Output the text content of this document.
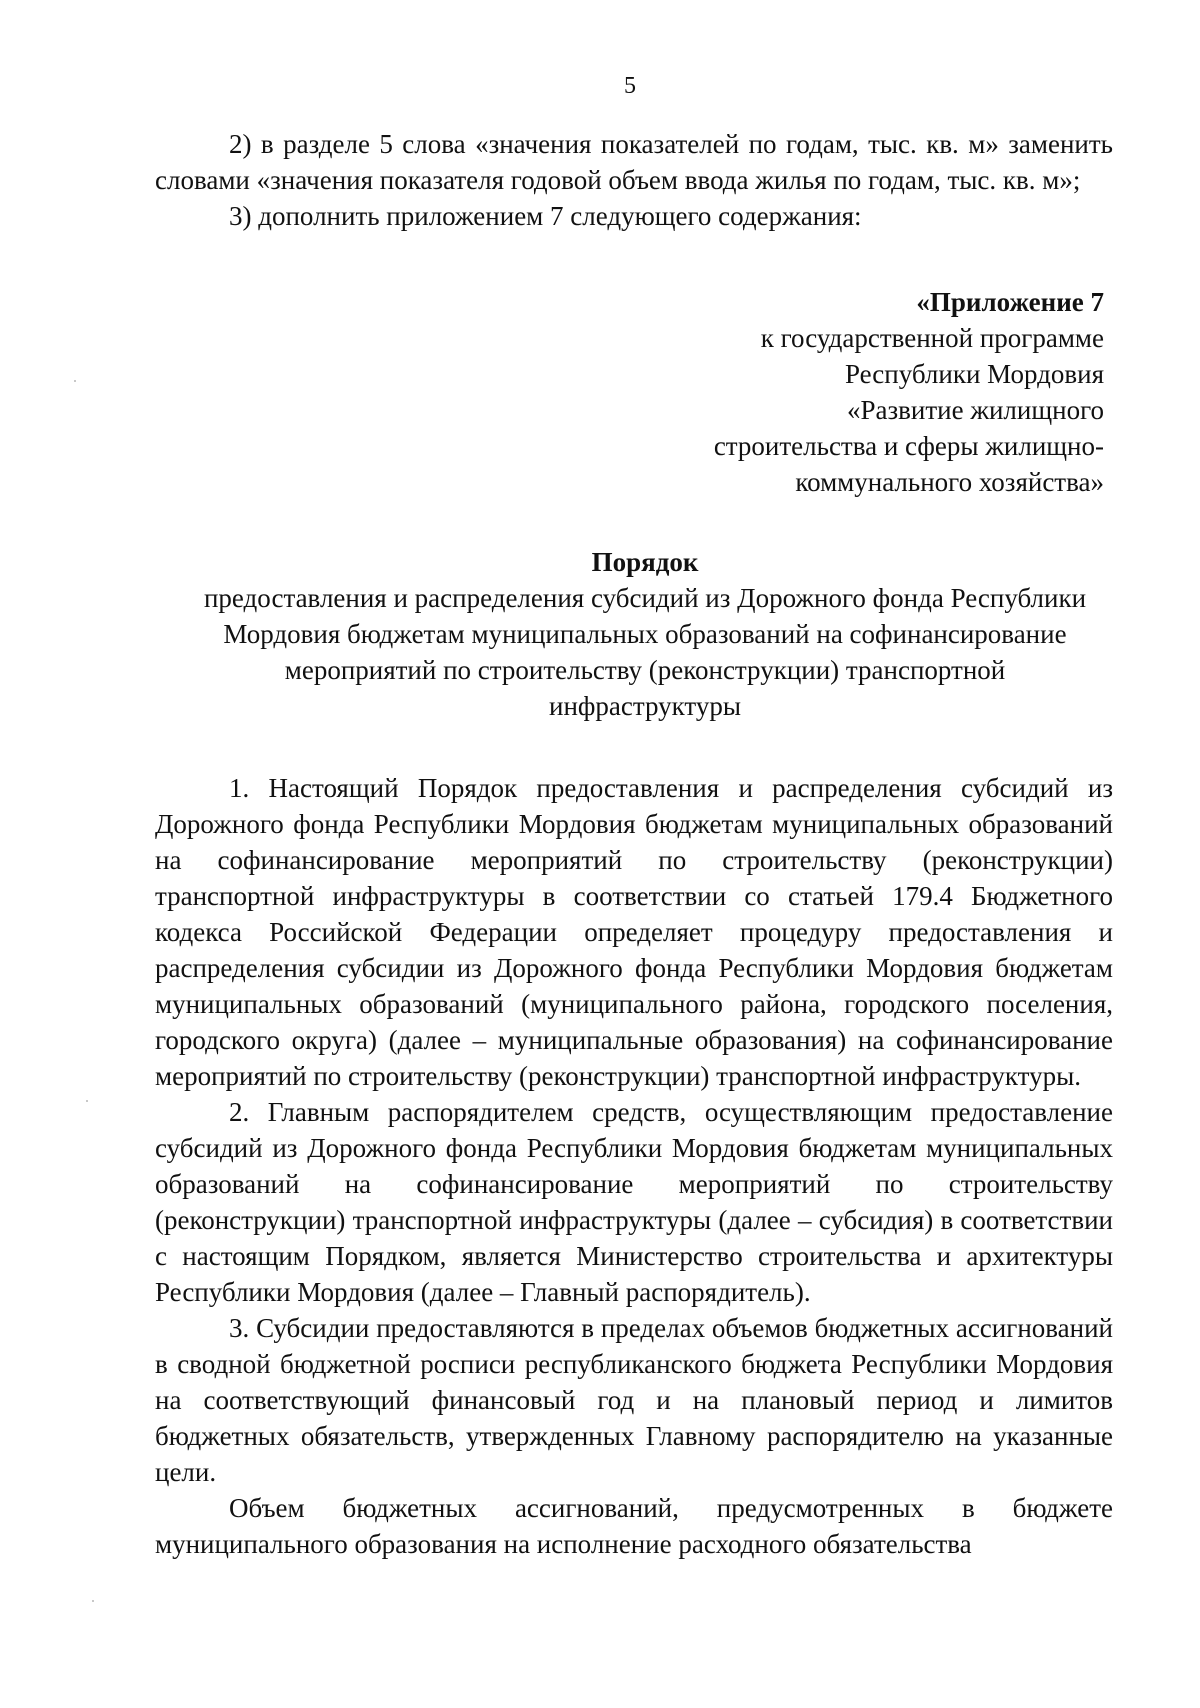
5

2) в разделе 5 слова «значения показателей по годам, тыс. кв. м» заменить словами «значения показателя годовой объем ввода жилья по годам, тыс. кв. м»;

3) дополнить приложением 7 следующего содержания:

«Приложение 7
к государственной программе
Республики Мордовия
«Развитие жилищного
строительства и сферы жилищно-
коммунального хозяйства»
Порядок
предоставления и распределения субсидий из Дорожного фонда Республики
Мордовия бюджетам муниципальных образований на софинансирование
мероприятий по строительству (реконструкции) транспортной
инфраструктуры

1. Настоящий Порядок предоставления и распределения субсидий из Дорожного фонда Республики Мордовия бюджетам муниципальных образований на софинансирование мероприятий по строительству (реконструкции) транспортной инфраструктуры в соответствии со статьей 179.4 Бюджетного кодекса Российской Федерации определяет процедуру предоставления и распределения субсидии из Дорожного фонда Республики Мордовия бюджетам муниципальных образований (муниципального района, городского поселения, городского округа) (далее – муниципальные образования) на софинансирование мероприятий по строительству (реконструкции) транспортной инфраструктуры.

2. Главным распорядителем средств, осуществляющим предоставление субсидий из Дорожного фонда Республики Мордовия бюджетам муниципальных образований на софинансирование мероприятий по строительству (реконструкции) транспортной инфраструктуры (далее – субсидия) в соответствии с настоящим Порядком, является Министерство строительства и архитектуры Республики Мордовия (далее – Главный распорядитель).

3. Субсидии предоставляются в пределах объемов бюджетных ассигнований в сводной бюджетной росписи республиканского бюджета Республики Мордовия на соответствующий финансовый год и на плановый период и лимитов бюджетных обязательств, утвержденных Главному распорядителю на указанные цели.

Объем бюджетных ассигнований, предусмотренных в бюджете муниципального образования на исполнение расходного обязательства
